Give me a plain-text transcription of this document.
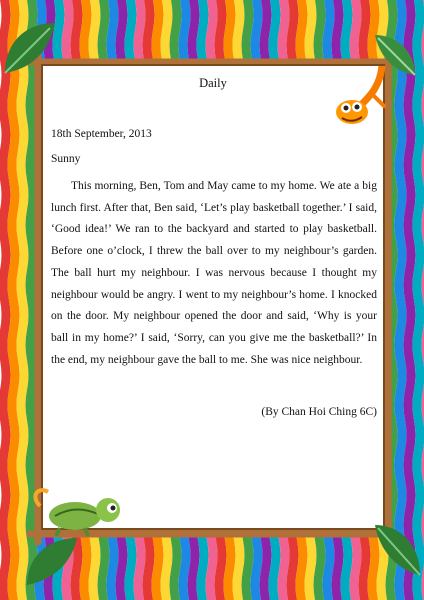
Daily
18th September, 2013
Sunny
This morning, Ben, Tom and May came to my home. We ate a big lunch first. After that, Ben said, ‘Let’s play basketball together.’ I said, ‘Good idea!’ We ran to the backyard and started to play basketball. Before one o’clock, I threw the ball over to my neighbour’s garden. The ball hurt my neighbour. I was nervous because I thought my neighbour would be angry. I went to my neighbour’s home. I knocked on the door. My neighbour opened the door and said, ‘Why is your ball in my home?’ I said, ‘Sorry, can you give me the basketball?’ In the end, my neighbour gave the ball to me. She was nice neighbour.
(By Chan Hoi Ching 6C)
